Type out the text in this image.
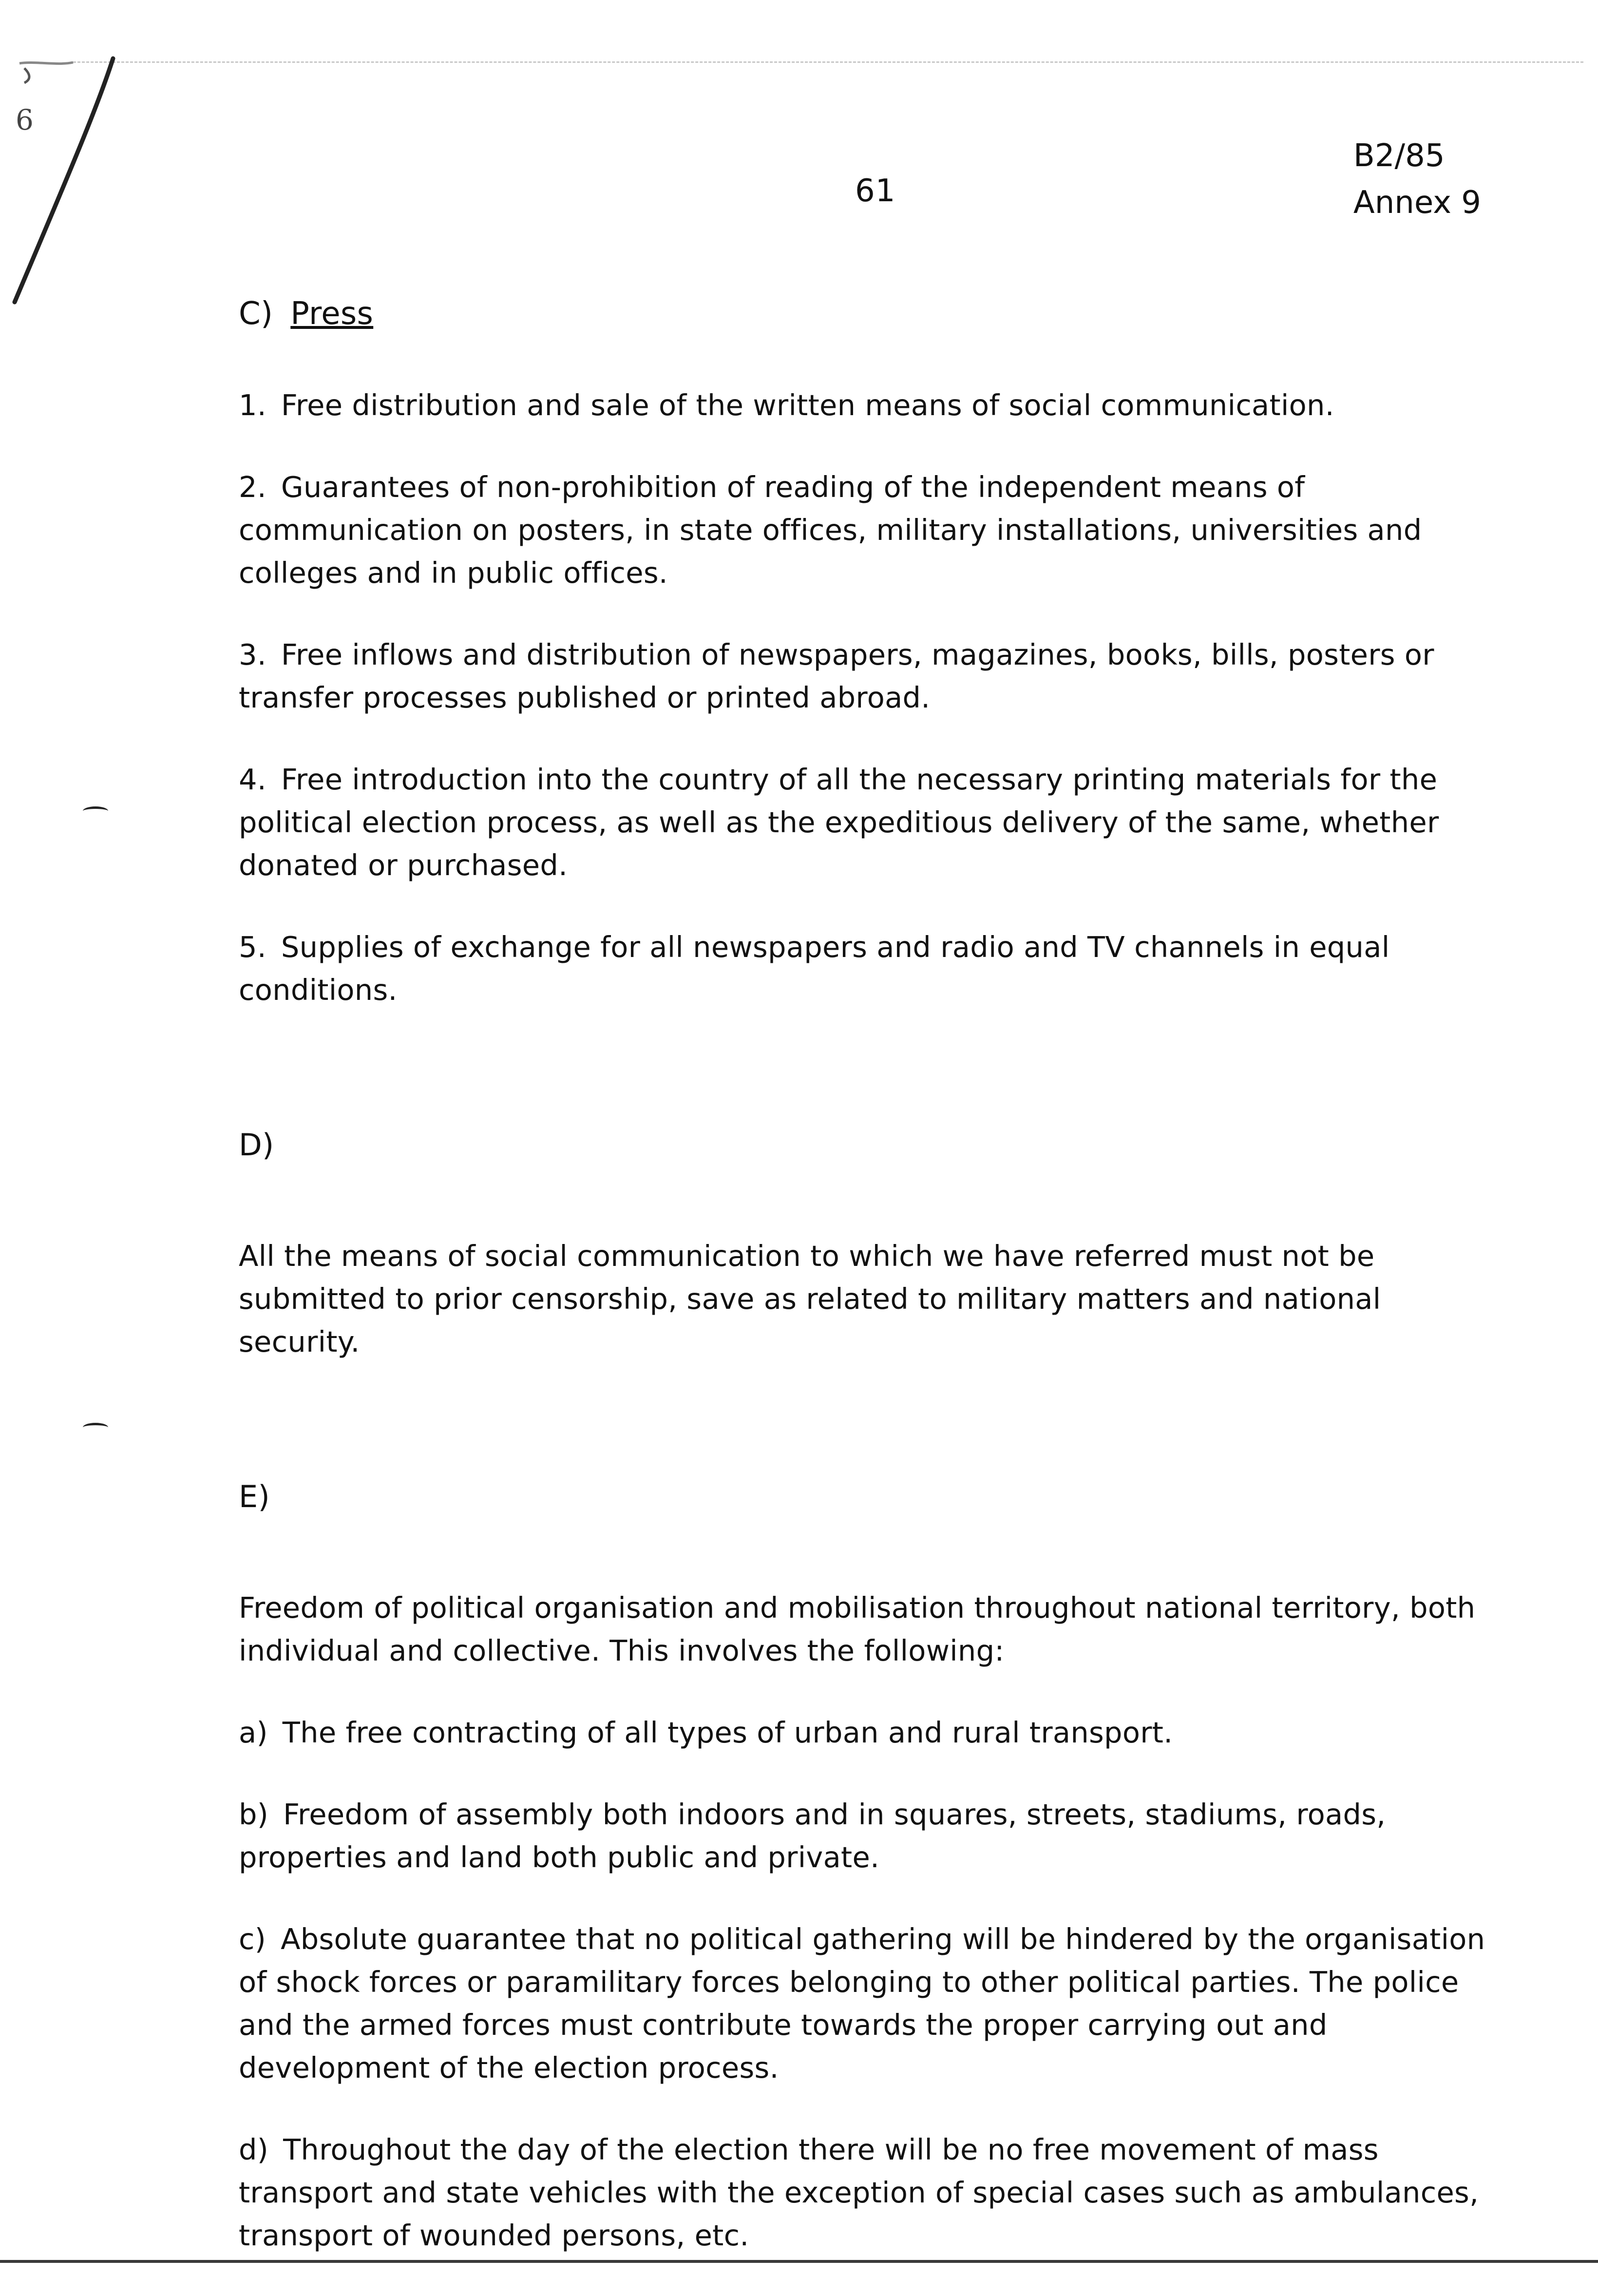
9
61
B2/85
Annex 9
C) Press

1. Free distribution and sale of the written means of social communication.

2. Guarantees of non-prohibition of reading of the independent means of communication on posters, in state offices, military installations, universities and colleges and in public offices.

3. Free inflows and distribution of newspapers, magazines, books, bills, posters or transfer processes published or printed abroad.

4. Free introduction into the country of all the necessary printing materials for the political election process, as well as the expeditious delivery of the same, whether donated or purchased.

5. Supplies of exchange for all newspapers and radio and TV channels in equal conditions.

D)

All the means of social communication to which we have referred must not be submitted to prior censorship, save as related to military matters and national security.

E)

Freedom of political organisation and mobilisation throughout national territory, both individual and collective. This involves the following:

a) The free contracting of all types of urban and rural transport.

b) Freedom of assembly both indoors and in squares, streets, stadiums, roads, properties and land both public and private.

c) Absolute guarantee that no political gathering will be hindered by the organisation of shock forces or paramilitary forces belonging to other political parties. The police and the armed forces must contribute towards the proper carrying out and development of the election process.

d) Throughout the day of the election there will be no free movement of mass transport and state vehicles with the exception of special cases such as ambulances, transport of wounded persons, etc.
